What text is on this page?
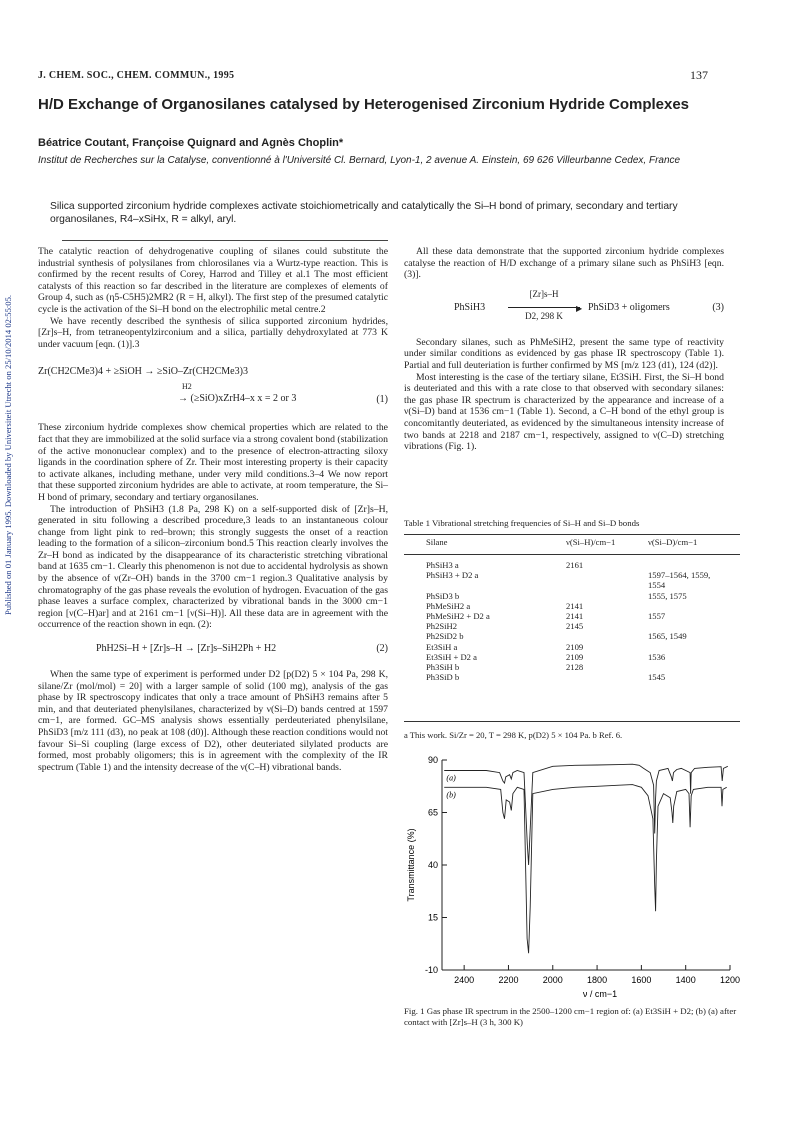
Published on 01 January 1995. Downloaded by Universiteit Utrecht on 25/10/2014 02:55:05.
J. CHEM. SOC., CHEM. COMMUN., 1995	137
H/D Exchange of Organosilanes catalysed by Heterogenised Zirconium Hydride Complexes
Béatrice Coutant, Françoise Quignard and Agnès Choplin*
Institut de Recherches sur la Catalyse, conventionné à l'Université Cl. Bernard, Lyon-1, 2 avenue A. Einstein, 69 626 Villeurbanne Cedex, France
Silica supported zirconium hydride complexes activate stoichiometrically and catalytically the Si–H bond of primary, secondary and tertiary organosilanes, R4–xSiHx, R = alkyl, aryl.

The catalytic reaction of dehydrogenative coupling of silanes could substitute the industrial synthesis of polysilanes from chlorosilanes via a Wurtz-type reaction. This is confirmed by the recent results of Corey, Harrod and Tilley et al.1 The most efficient catalysts of this reaction so far described in the literature are complexes of elements of Group 4, such as (η5-C5H5)2MR2 (R = H, alkyl). The first step of the presumed catalytic cycle is the activation of the Si–H bond on the electrophilic metal centre.2

We have recently described the synthesis of silica supported zirconium hydrides, [Zr]s–H, from tetraneopentylzirconium and a silica, partially dehydroxylated at 773 K under vacuum [eqn. (1)].3

Zr(CH2CMe3)4 + ≥SiOH → ≥SiO–Zr(CH2CMe3)3
H2
→ (≥SiO)xZrH4–x x = 2 or 3	(1)

These zirconium hydride complexes show chemical properties which are related to the fact that they are immobilized at the solid surface via a strong covalent bond (stabilization of the active mononuclear complex) and to the presence of electron-attracting siloxy ligands in the coordination sphere of Zr. Their most interesting property is their capacity to activate alkanes, including methane, under very mild conditions.3–4 We now report that these supported zirconium hydrides are able to activate, at room temperature, the Si–H bond of primary, secondary and tertiary organosilanes.

The introduction of PhSiH3 (1.8 Pa, 298 K) on a self-supported disk of [Zr]s–H, generated in situ following a described procedure,3 leads to an instantaneous colour change from light pink to red–brown; this strongly suggests the onset of a reaction leading to the formation of a silicon–zirconium bond.5 This reaction clearly involves the Zr–H bond as indicated by the disappearance of its characteristic stretching vibrational band at 1635 cm−1. Clearly this phenomenon is not due to accidental hydrolysis as shown by the absence of ν(Zr–OH) bands in the 3700 cm−1 region.3 Qualitative analysis by chromatography of the gas phase reveals the evolution of hydrogen. Evacuation of the gas phase leaves a surface complex, characterized by vibrational bands in the 3000 cm−1 region [ν(C–H)ar] and at 2161 cm−1 [ν(Si–H)]. All these data are in agreement with the occurrence of the reaction shown in eqn. (2):

PhH2Si–H + [Zr]s–H → [Zr]s–SiH2Ph + H2	(2)

When the same type of experiment is performed under D2 [p(D2) 5 × 104 Pa, 298 K, silane/Zr (mol/mol) = 20] with a larger sample of solid (100 mg), analysis of the gas phase by IR spectroscopy indicates that only a trace amount of PhSiH3 remains after 5 min, and that deuteriated phenylsilanes, characterized by ν(Si–D) bands centred at 1597 cm−1, are formed. GC–MS analysis shows essentially perdeuteriated phenylsilane, PhSiD3 [m/z 111 (d3), no peak at 108 (d0)]. Although these reaction conditions would not favour Si–Si coupling (large excess of D2), other deuteriated silylated products are formed, most probably oligomers; this is in agreement with the complexity of the IR spectrum (Table 1) and the intensity decrease of the ν(C–H) vibrational bands.

All these data demonstrate that the supported zirconium hydride complexes catalyse the reaction of H/D exchange of a primary silane such as PhSiH3 [eqn. (3)].

PhSiH3
[Zr]s–H
▶
D2, 298 K
PhSiD3 + oligomers	(3)

Secondary silanes, such as PhMeSiH2, present the same type of reactivity under similar conditions as evidenced by gas phase IR spectroscopy (Table 1). Partial and full deuteriation is further confirmed by MS [m/z 123 (d1), 124 (d2)].

Most interesting is the case of the tertiary silane, Et3SiH. First, the Si–H bond is deuteriated and this with a rate close to that observed with secondary silanes: the gas phase IR spectrum is characterized by the appearance and increase of a ν(Si–D) band at 1536 cm−1 (Table 1). Second, a C–H bond of the ethyl group is concomitantly deuteriated, as evidenced by the simultaneous intensity increase of two bands at 2218 and 2187 cm−1, respectively, assigned to ν(C–D) stretching vibrations (Fig. 1).

Table 1 Vibrational stretching frequencies of Si–H and Si–D bonds
Silane	ν(Si–H)/cm−1	ν(Si–D)/cm−1
PhSiH3 a	2161	
PhSiH3 + D2 a		1597–1564, 1559,
		1554
PhSiD3 b		1555, 1575
PhMeSiH2 a	2141	
PhMeSiH2 + D2 a	2141	1557
Ph2SiH2	2145	
Ph2SiD2 b		1565, 1549
Et3SiH a	2109	
Et3SiH + D2 a	2109	1536
Ph3SiH b	2128	
Ph3SiD b		1545
a This work. Si/Zr = 20, T = 298 K, p(D2) 5 × 104 Pa. b Ref. 6.
90
65
40
15
-10
2400	2200	2000	1800	1600	1400	1200
ν / cm−1
Transmittance (%)
(a)
(b)
Fig. 1 Gas phase IR spectrum in the 2500–1200 cm−1 region of: (a) Et3SiH + D2; (b) (a) after contact with [Zr]s–H (3 h, 300 K)
